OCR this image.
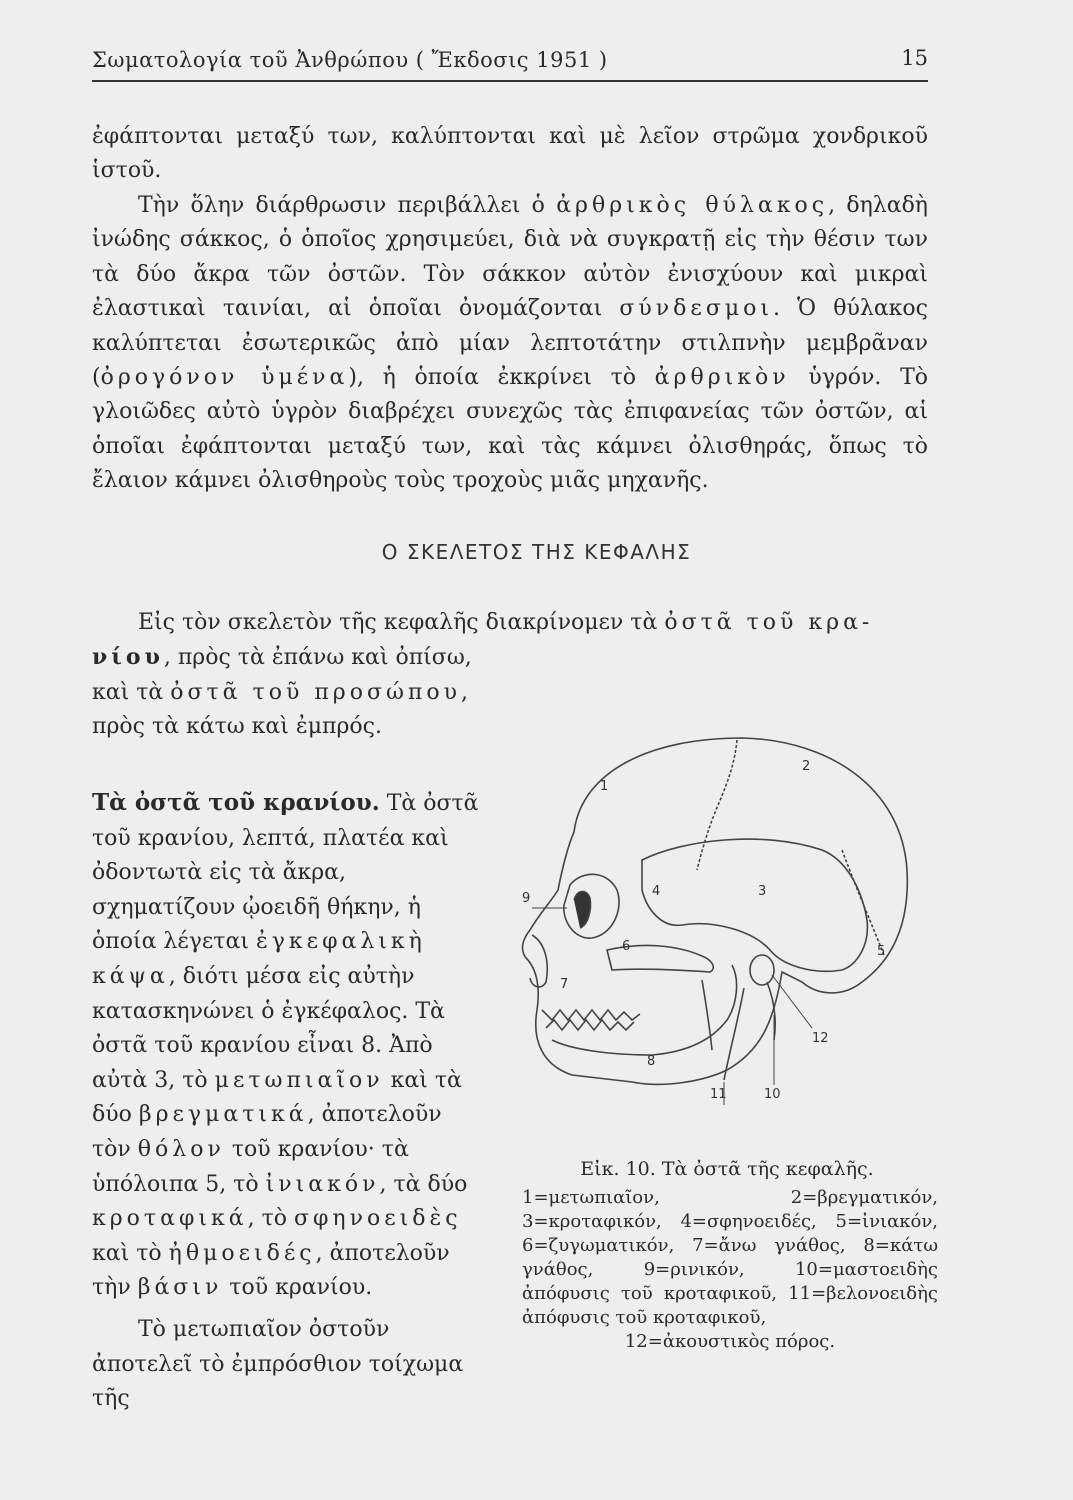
Σωματολογία τοῦ Ἀνθρώπου ( Ἔκδοσις 1951 )	15

ἐφάπτονται μεταξύ των, καλύπτονται καὶ μὲ λεῖον στρῶμα χονδρικοῦ ἱστοῦ.

Τὴν ὅλην διάρθρωσιν περιβάλλει ὁ ἀρθρικὸς θύλακος, δηλαδὴ ἰνώδης σάκκος, ὁ ὁποῖος χρησιμεύει, διὰ νὰ συγκρατῇ εἰς τὴν θέσιν των τὰ δύο ἄκρα τῶν ὀστῶν. Τὸν σάκκον αὐτὸν ἐνισχύουν καὶ μικραὶ ἐλαστικαὶ ταινίαι, αἱ ὁποῖαι ὀνομάζονται σύνδεσμοι. Ὁ θύλακος καλύπτεται ἐσωτερικῶς ἀπὸ μίαν λεπτοτάτην στιλπνὴν μεμβρᾶναν (ὀρογόνον ὑμένα), ἡ ὁποία ἐκκρίνει τὸ ἀρθρικὸν ὑγρόν. Τὸ γλοιῶδες αὐτὸ ὑγρὸν διαβρέχει συνεχῶς τὰς ἐπιφανείας τῶν ὀστῶν, αἱ ὁποῖαι ἐφάπτονται μεταξύ των, καὶ τὰς κάμνει ὀλισθηράς, ὅπως τὸ ἔλαιον κάμνει ὀλισθηροὺς τοὺς τροχοὺς μιᾶς μηχανῆς.

Ο ΣΚΕΛΕΤΟΣ ΤΗΣ ΚΕΦΑΛΗΣ
Εἰς τὸν σκελετὸν τῆς κεφαλῆς διακρίνομεν τὰ ὀστᾶ τοῦ κρα-

νίου, πρὸς τὰ ἐπάνω καὶ ὀπίσω, καὶ τὰ ὀστᾶ τοῦ προσώπου, πρὸς τὰ κάτω καὶ ἐμπρός.

Τὰ ὀστᾶ τοῦ κρανίου. Τὰ ὀστᾶ τοῦ κρανίου, λεπτά, πλατέα καὶ ὀδοντωτὰ εἰς τὰ ἄκρα, σχηματίζουν ᾠοειδῆ θήκην, ἡ ὁποία λέγεται ἐγκεφαλικὴ κάψα, διότι μέσα εἰς αὐτὴν κατασκηνώνει ὁ ἐγκέφαλος. Τὰ ὀστᾶ τοῦ κρανίου εἶναι 8. Ἀπὸ αὐτὰ 3, τὸ μετωπιαῖον καὶ τὰ δύο βρεγματικά, ἀποτελοῦν τὸν θόλον τοῦ κρανίου· τὰ ὑπόλοιπα 5, τὸ ἰνιακόν, τὰ δύο κροταφικά, τὸ σφηνοειδὲς καὶ τὸ ἠθμοειδές, ἀποτελοῦν τὴν βάσιν τοῦ κρανίου.

Τὸ μετωπιαῖον ὀστοῦν ἀποτελεῖ τὸ ἐμπρόσθιον τοίχωμα τῆς

1
2
3
4
5
6
7
8
9
10
11
12
Εἰκ. 10. Τὰ ὀστᾶ τῆς κεφαλῆς.

1=μετωπιαῖον, 2=βρεγματικόν, 3=κροταφικόν, 4=σφηνοειδές, 5=ἰνιακόν, 6=ζυγωματικόν, 7=ἄνω γνάθος, 8=κάτω γνάθος, 9=ρινικόν, 10=μαστοειδὴς ἀπόφυσις τοῦ κροταφικοῦ, 11=βελονοειδὴς ἀπόφυσις τοῦ κροταφικοῦ,
12=ἀκουστικὸς πόρος.
